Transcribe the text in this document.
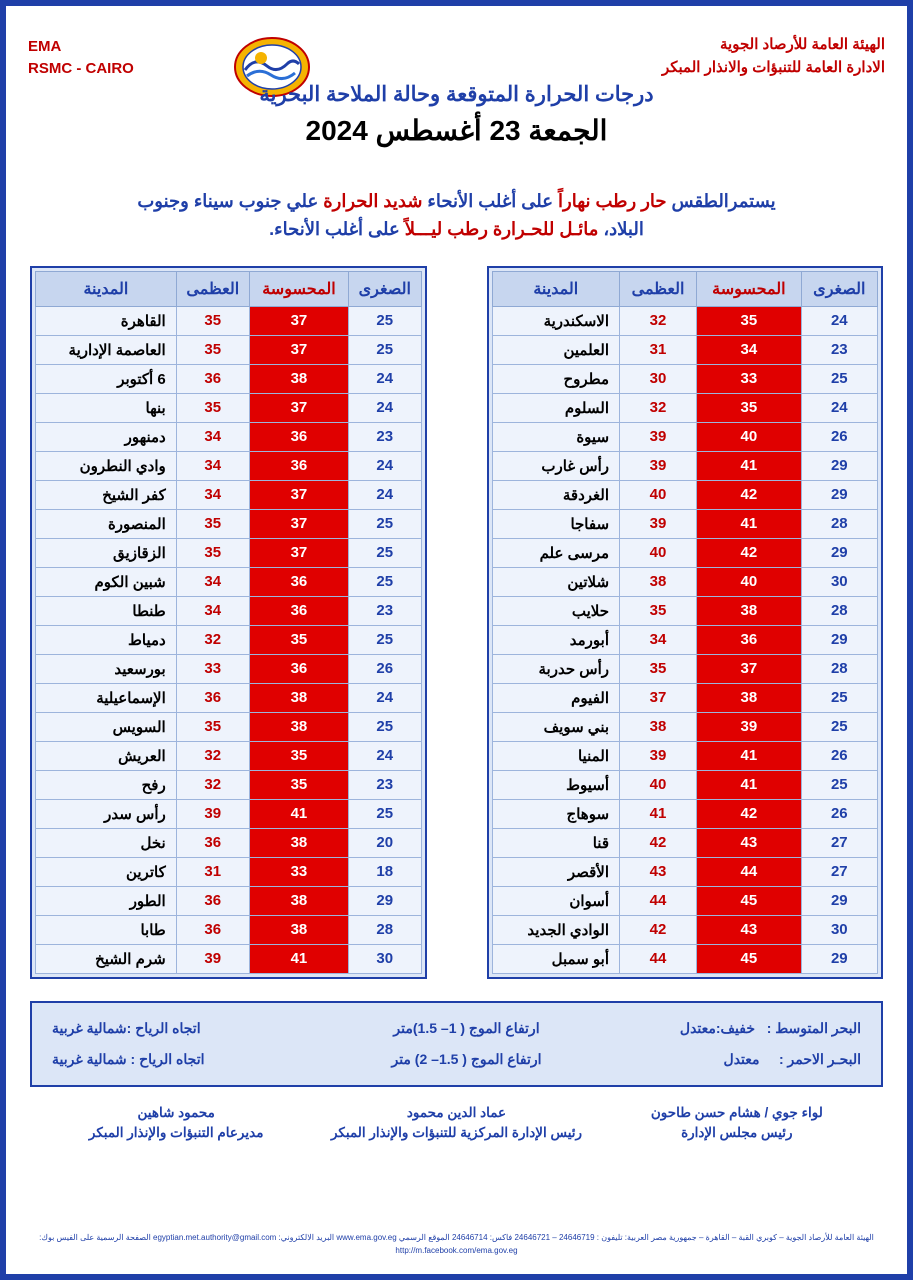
EMA
RSMC - CAIRO
الهيئة العامة للأرصاد الجوية
الادارة العامة للتنبؤات والانذار المبكر
درجات الحرارة المتوقعة وحالة الملاحة البحرية
الجمعة 23 أغسطس 2024
يستمرالطقس حار رطب نهاراً على أغلب الأنحاء شديد الحرارة علي جنوب سيناء وجنوب
البلاد، مائـل للحـرارة رطب ليـــلاً على أغلب الأنحاء.
الصغرى	المحسوسة	العظمى	المدينة
24	35	32	الاسكندرية
23	34	31	العلمين
25	33	30	مطروح
24	35	32	السلوم
26	40	39	سيوة
29	41	39	رأس غارب
29	42	40	الغردقة
28	41	39	سفاجا
29	42	40	مرسى علم
30	40	38	شلاتين
28	38	35	حلايب
29	36	34	أبورمد
28	37	35	رأس حدربة
25	38	37	الفيوم
25	39	38	بني سويف
26	41	39	المنيا
25	41	40	أسيوط
26	42	41	سوهاج
27	43	42	قنا
27	44	43	الأقصر
29	45	44	أسوان
30	43	42	الوادي الجديد
29	45	44	أبو سمبل
الصغرى	المحسوسة	العظمى	المدينة
25	37	35	القاهرة
25	37	35	العاصمة الإدارية
24	38	36	6 أكتوبر
24	37	35	بنها
23	36	34	دمنهور
24	36	34	وادي النطرون
24	37	34	كفر الشيخ
25	37	35	المنصورة
25	37	35	الزقازيق
25	36	34	شبين الكوم
23	36	34	طنطا
25	35	32	دمياط
26	36	33	بورسعيد
24	38	36	الإسماعيلية
25	38	35	السويس
24	35	32	العريش
23	35	32	رفح
25	41	39	رأس سدر
20	38	36	نخل
18	33	31	كاترين
29	38	36	الطور
28	38	36	طابا
30	41	39	شرم الشيخ
البحر المتوسط :   خفيف:معتدل
ارتفاع الموج ( 1– 1.5)متر
اتجاه الرياح :شمالية غربية
البحـر الاحمر :     معتدل
ارتفاع الموج ( 1.5– 2) متر
اتجاه الرياح : شمالية غربية
لواء جوي / هشام حسن طاحون
رئيس مجلس الإدارة
عماد الدين محمود
رئيس الإدارة المركزية للتنبؤات والإنذار المبكر
محمود شاهين
مديرعام التنبؤات والإنذار المبكر
الهيئة العامة للأرصاد الجوية – كوبري القبة – القاهرة – جمهورية مصر العربية: تليفون : 24646719 – 24646721 فاكس: 24646714 الموقع الرسمي www.ema.gov.eg البريد الالكتروني: egyptian.met.authority@gmail.com الصفحة الرسمية على الفيس بوك: http://m.facebook.com/ema.gov.eg
